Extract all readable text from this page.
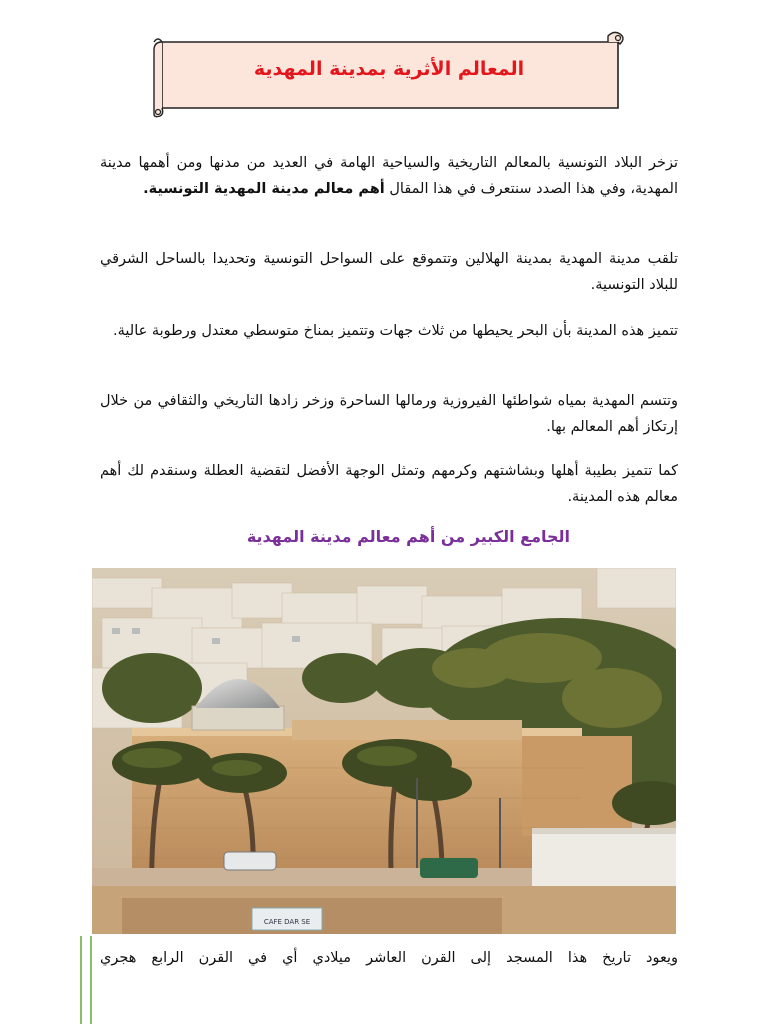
المعالم الأثرية بمدينة المهدية

تزخر البلاد التونسية بالمعالم التاريخية والسياحية الهامة في العديد من مدنها ومن أهمها مدينة المهدية، وفي هذا الصدد سنتعرف في هذا المقال أهم معالم مدينة المهدية التونسية.

تلقب مدينة المهدية بمدينة الهلالين وتتموقع على السواحل التونسية وتحديدا بالساحل الشرقي للبلاد التونسية.

تتميز هذه المدينة بأن البحر يحيطها من ثلاث جهات وتتميز بمناخ متوسطي معتدل ورطوبة عالية.

وتتسم المهدية بمياه شواطئها الفيروزية ورمالها الساحرة وزخر زادها التاريخي والثقافي من خلال إرتكاز أهم المعالم بها.

كما تتميز بطيبة أهلها وبشاشتهم وكرمهم وتمثل الوجهة الأفضل لتقضية العطلة وسنقدم لك أهم معالم هذه المدينة.

الجامع الكبير من أهم معالم مدينة المهدية
CAFE DAR SE
ويعود تاريخ هذا المسجد إلى القرن العاشر ميلادي أي في القرن الرابع هجري
